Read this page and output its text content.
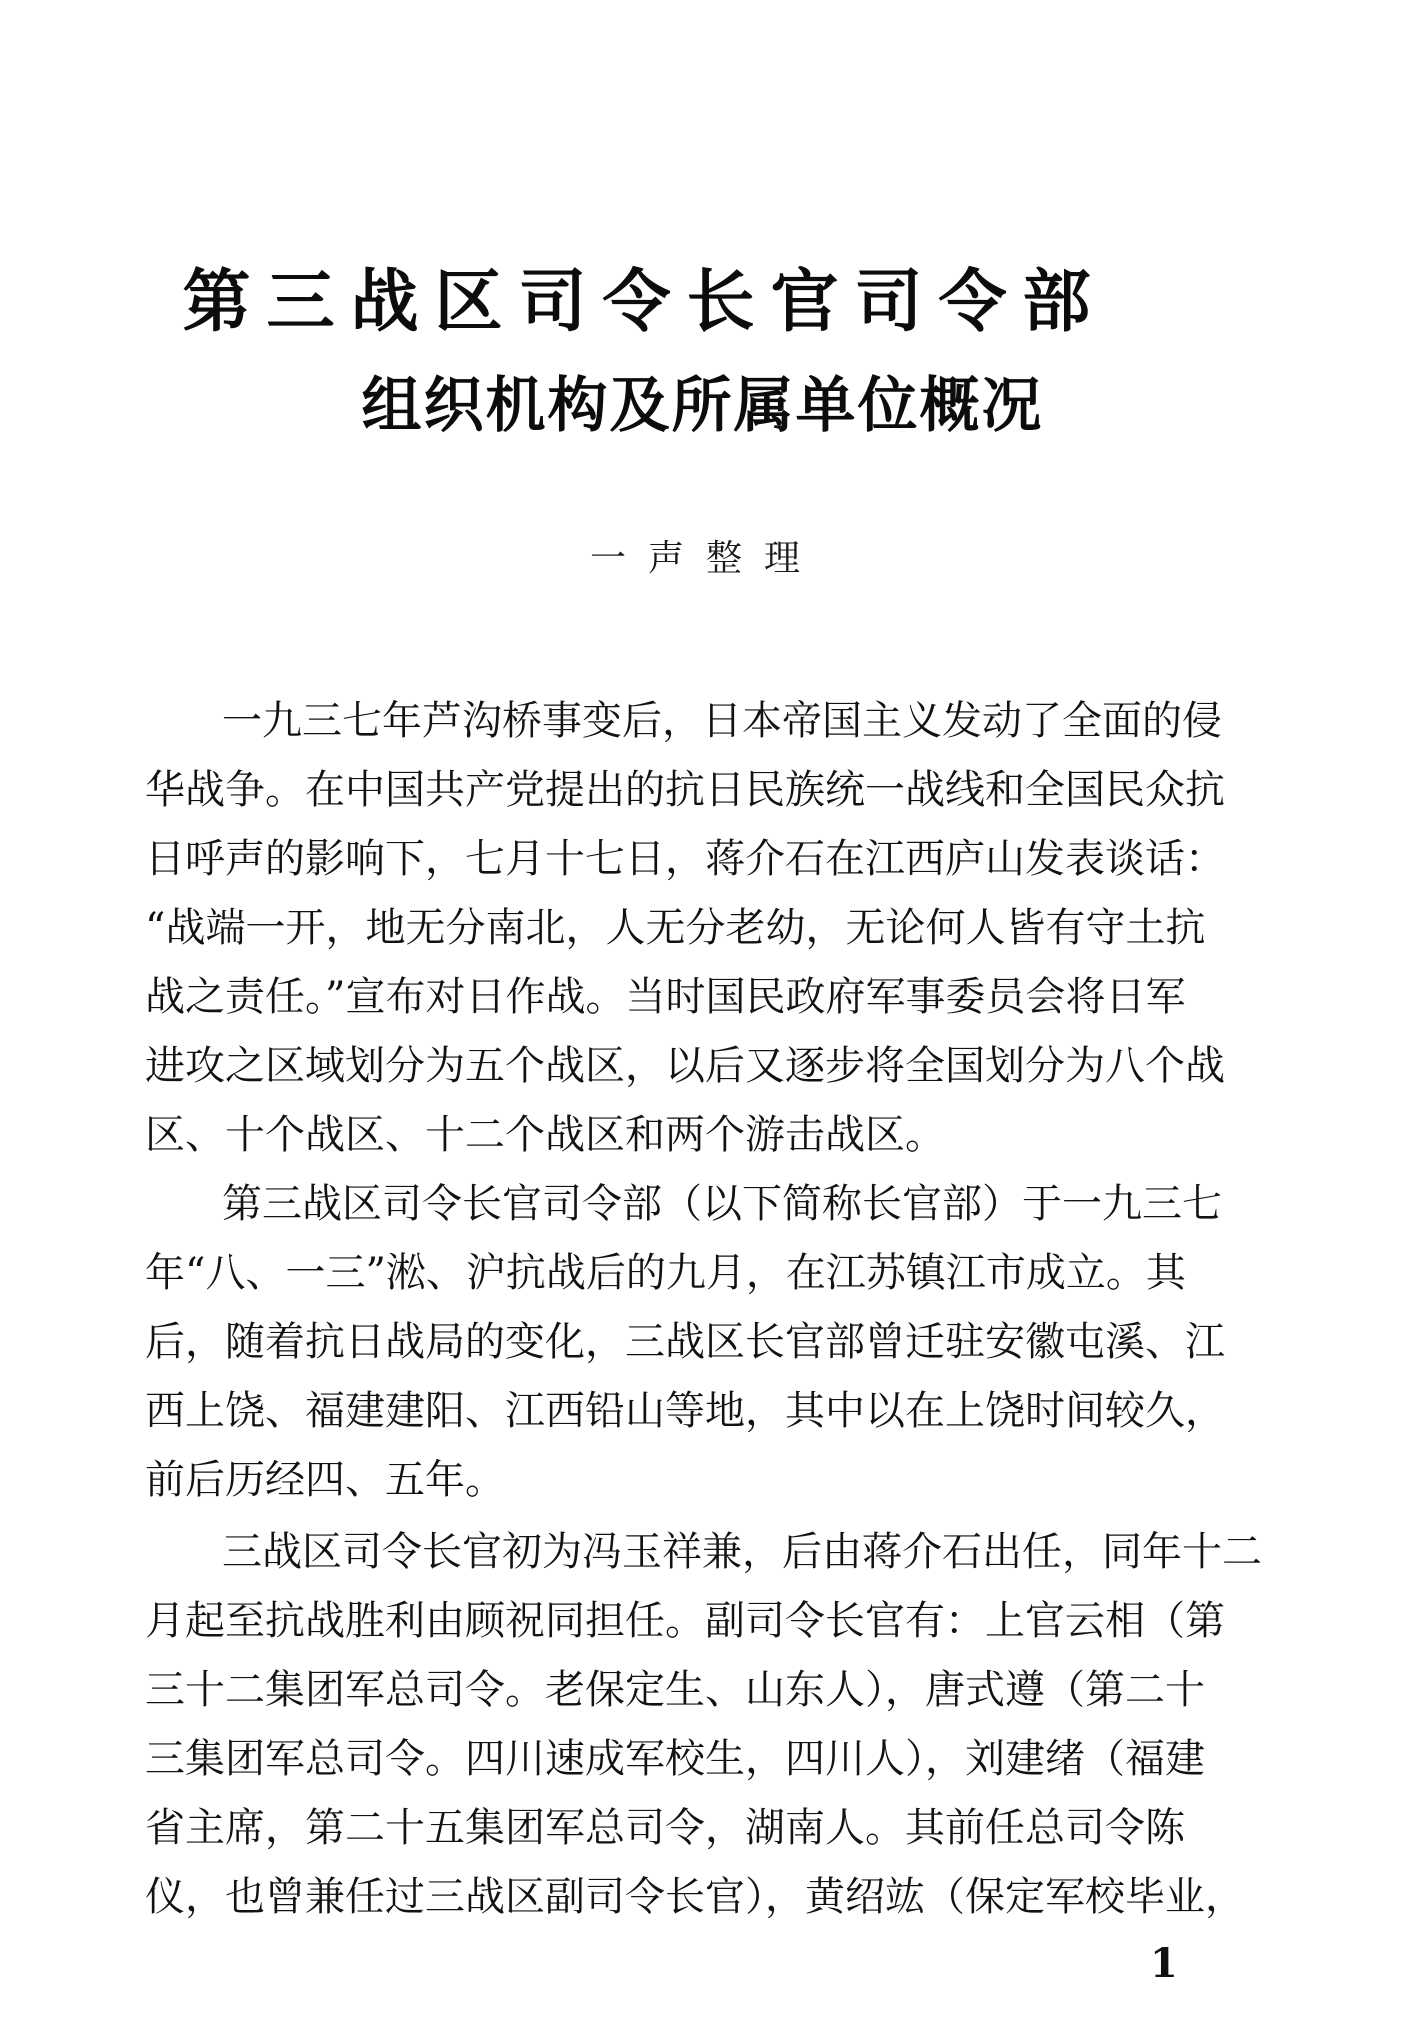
第三战区司令长官司令部
组织机构及所属单位概况
一声整理
一九三七年芦沟桥事变后，日本帝国主义发动了全面的侵
华战争。在中国共产党提出的抗日民族统一战线和全国民众抗
日呼声的影响下，七月十七日，蒋介石在江西庐山发表谈话：
“战端一开，地无分南北，人无分老幼，无论何人皆有守土抗
战之责任。”宣布对日作战。当时国民政府军事委员会将日军
进攻之区域划分为五个战区，以后又逐步将全国划分为八个战
区、十个战区、十二个战区和两个游击战区。
第三战区司令长官司令部（以下简称长官部）于一九三七
年“八、一三”淞、沪抗战后的九月，在江苏镇江市成立。其
后，随着抗日战局的变化，三战区长官部曾迁驻安徽屯溪、江
西上饶、福建建阳、江西铅山等地，其中以在上饶时间较久，
前后历经四、五年。
三战区司令长官初为冯玉祥兼，后由蒋介石出任，同年十二
月起至抗战胜利由顾祝同担任。副司令长官有：上官云相（第
三十二集团军总司令。老保定生、山东人），唐式遵（第二十
三集团军总司令。四川速成军校生，四川人），刘建绪（福建
省主席，第二十五集团军总司令，湖南人。其前任总司令陈
仪，也曾兼任过三战区副司令长官），黄绍竑（保定军校毕业，
1
